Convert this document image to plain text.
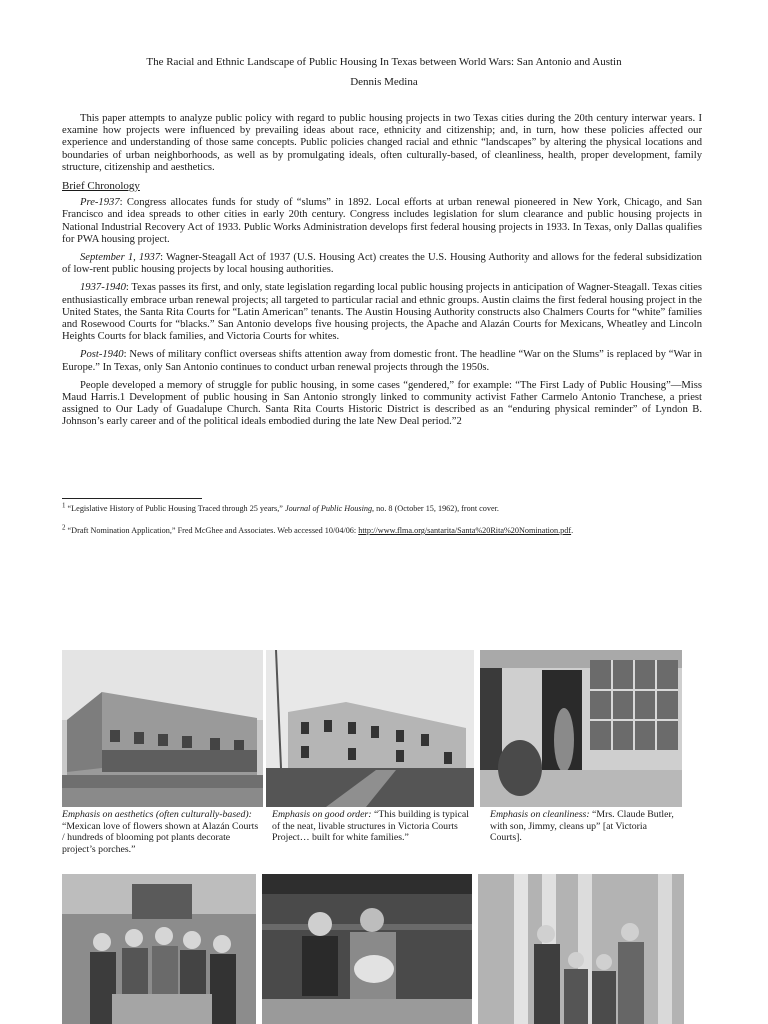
The Racial and Ethnic Landscape of Public Housing In Texas between World Wars: San Antonio and Austin
Dennis Medina

This paper attempts to analyze public policy with regard to public housing projects in two Texas cities during the 20th century interwar years. I examine how projects were influenced by prevailing ideas about race, ethnicity and citizenship; and, in turn, how these policies affected our experience and understanding of those same concepts. Public policies changed racial and ethnic “landscapes” by altering the physical locations and boundaries of urban neighborhoods, as well as by promulgating ideals, often culturally-based, of cleanliness, health, proper development, family structure, citizenship and aesthetics.

Brief Chronology

Pre-1937: Congress allocates funds for study of “slums” in 1892. Local efforts at urban renewal pioneered in New York, Chicago, and San Francisco and idea spreads to other cities in early 20th century. Congress includes legislation for slum clearance and public housing projects in National Industrial Recovery Act of 1933. Public Works Administration develops first federal housing projects in 1933. In Texas, only Dallas qualifies for PWA housing project.

September 1, 1937: Wagner-Steagall Act of 1937 (U.S. Housing Act) creates the U.S. Housing Authority and allows for the federal subsidization of low-rent public housing projects by local housing authorities.

1937-1940: Texas passes its first, and only, state legislation regarding local public housing projects in anticipation of Wagner-Steagall. Texas cities enthusiastically embrace urban renewal projects; all targeted to particular racial and ethnic groups. Austin claims the first federal housing project in the United States, the Santa Rita Courts for “Latin American” tenants. The Austin Housing Authority constructs also Chalmers Courts for “white” families and Rosewood Courts for “blacks.” San Antonio develops five housing projects, the Apache and Alazán Courts for Mexicans, Wheatley and Lincoln Heights Courts for black families, and Victoria Courts for whites.

Post-1940: News of military conflict overseas shifts attention away from domestic front. The headline “War on the Slums” is replaced by “War in Europe.” In Texas, only San Antonio continues to conduct urban renewal projects through the 1950s.

People developed a memory of struggle for public housing, in some cases “gendered,” for example: “The First Lady of Public Housing”—Miss Maud Harris.1 Development of public housing in San Antonio strongly linked to community activist Father Carmelo Antonio Tranchese, a priest assigned to Our Lady of Guadalupe Church. Santa Rita Courts Historic District is described as an “enduring physical reminder” of Lyndon B. Johnson’s early career and of the political ideals embodied during the late New Deal period.”2

$^1$ “Legislative History of Public Housing Traced through 25 years,” Journal of Public Housing, no. 8 (October 15, 1962), front cover.
$^2$ “Draft Nomination Application,” Fred McGhee and Associates. Web accessed 10/04/06: http://www.flma.org/santarita/Santa%20Rita%20Nomination.pdf.
Emphasis on aesthetics (often culturally-based): “Mexican love of flowers shown at Alazán Courts / hundreds of blooming pot plants decorate project’s porches.”
Emphasis on good order: “This building is typical of the neat, livable structures in Victoria Courts Project… built for white families.”
Emphasis on cleanliness: “Mrs. Claude Butler, with son, Jimmy, cleans up” [at Victoria Courts].
